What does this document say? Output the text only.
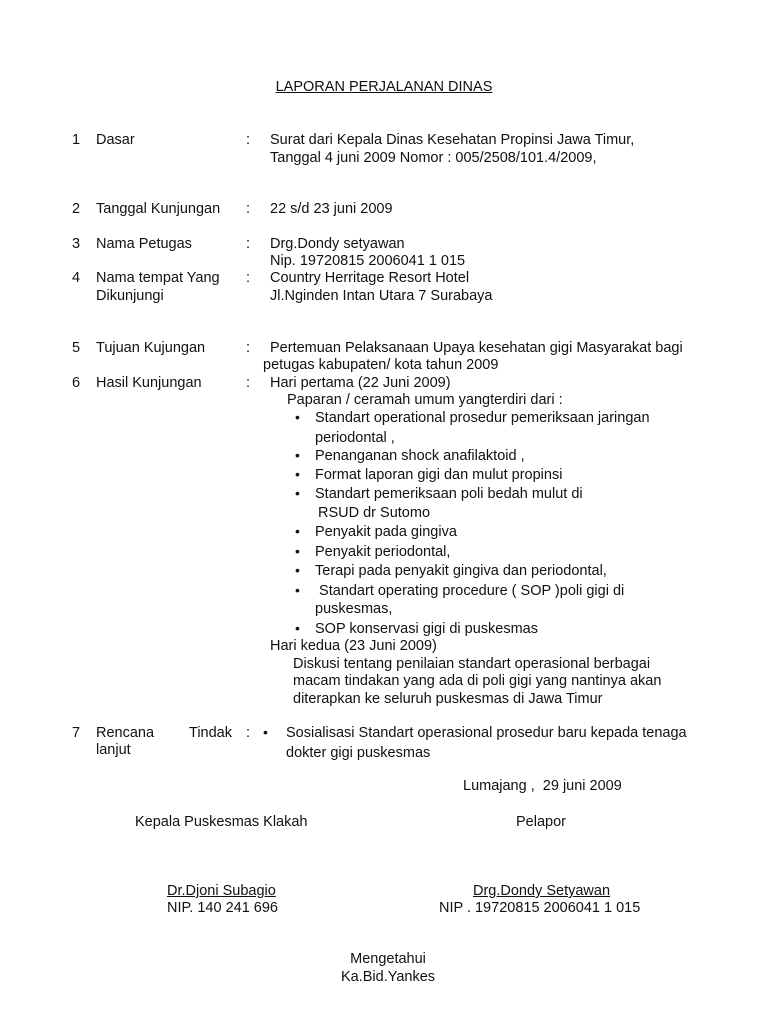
LAPORAN PERJALANAN DINAS
1 Dasar	: Surat dari Kepala Dinas Kesehatan Propinsi Jawa Timur,
Tanggal 4 juni 2009 Nomor : 005/2508/101.4/2009,
2 Tanggal Kunjungan : 22 s/d 23 juni 2009
3 Nama Petugas	: Drg.Dondy setyawan
Nip. 19720815 2006041 1 015
4 Nama tempat Yang
Dikunjungi
: Country Herritage Resort Hotel
Jl.Nginden Intan Utara 7 Surabaya
5 Tujuan Kujungan	: Pertemuan Pelaksanaan Upaya kesehatan gigi Masyarakat bagi
petugas kabupaten/ kota tahun 2009
6 Hasil Kunjungan	: Hari pertama (22 Juni 2009)
Paparan / ceramah umum yangterdiri dari :
• Standart operational prosedur pemeriksaan jaringan
periodontal ,
• Penanganan shock anafilaktoid ,
• Format laporan gigi dan mulut propinsi
• Standart pemeriksaan poli bedah mulut di
RSUD dr Sutomo
• Penyakit pada gingiva
• Penyakit periodontal,
• Terapi pada penyakit gingiva dan periodontal,
• Standart operating procedure ( SOP )poli gigi di
puskesmas,
• SOP konservasi gigi di puskesmas
Hari kedua (23 Juni 2009)
Diskusi tentang penilaian standart operasional berbagai
macam tindakan yang ada di poli gigi yang nantinya akan
diterapkan ke seluruh puskesmas di Jawa Timur
7 Rencana Tindak
lanjut
: • Sosialisasi Standart operasional prosedur baru kepada tenaga
dokter gigi puskesmas
Lumajang ,  29 juni 2009
Kepala Puskesmas Klakah	Pelapor
Dr.Djoni Subagio
NIP. 140 241 696
Drg.Dondy Setyawan
NIP . 19720815 2006041 1 015
Mengetahui
Ka.Bid.Yankes
